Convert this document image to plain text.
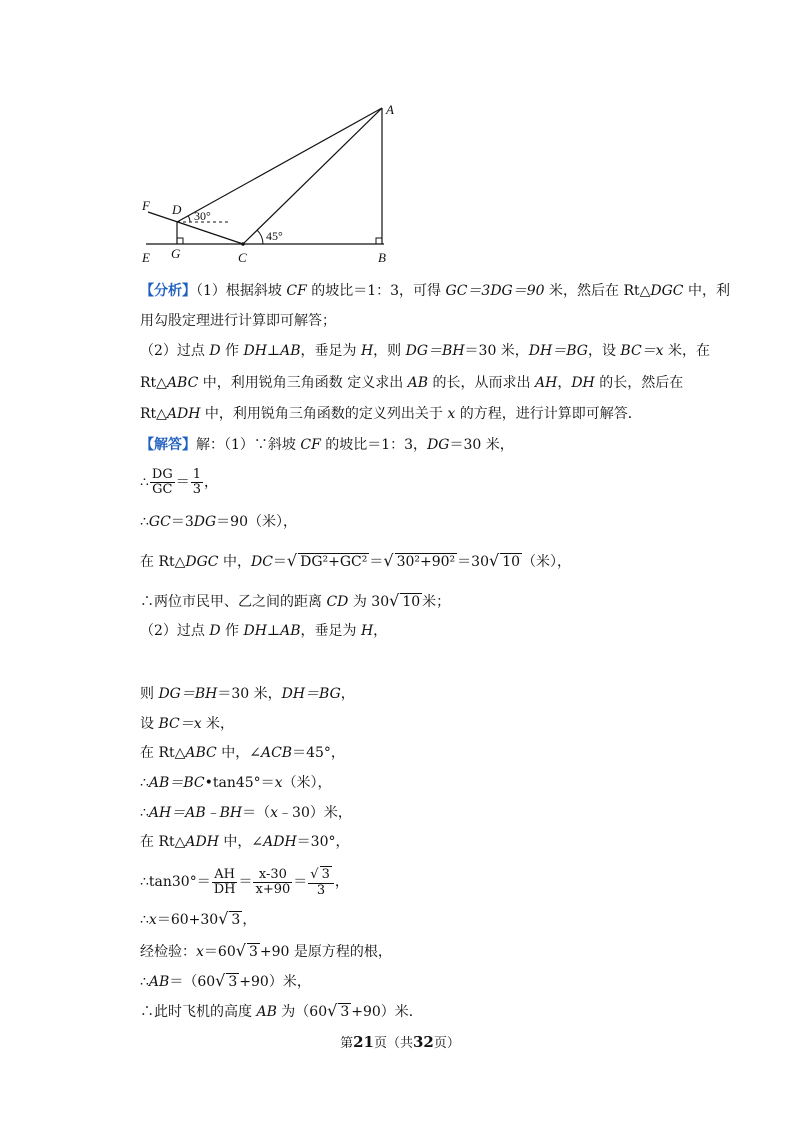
A
B
C
D
E
F
G
30°
45°
【分析】（1）根据斜坡 CF 的坡比＝1：3，可得 GC＝3DG＝90 米，然后在 Rt△DGC 中，利
用勾股定理进行计算即可解答；
（2）过点 D 作 DH⊥AB，垂足为 H，则 DG＝BH＝30 米，DH＝BG，设 BC＝x 米，在
Rt△ABC 中，利用锐角三角函数 定义求出 AB 的长，从而求出 AH，DH 的长，然后在
Rt△ADH 中，利用锐角三角函数的定义列出关于 x 的方程，进行计算即可解答．
【解答】解：（1）∵斜坡 CF 的坡比＝1：3，DG＝30 米，
∴ $\frac{DG}{GC} = \frac{1}{3}$ ，
∴GC＝3DG＝90（米），
在 Rt△DGC 中，DC＝√ DG²+GC² ＝√ 30²+90² ＝30√ 10 （米），
∴两位市民甲、乙之间的距离 CD 为 30√ 10 米；
（2）过点 D 作 DH⊥AB，垂足为 H，
则 DG＝BH＝30 米，DH＝BG，
设 BC＝x 米，
在 Rt△ABC 中，∠ACB＝45°，
∴AB＝BC•tan45°＝x（米），
∴AH＝AB﹣BH＝（x﹣30）米，
在 Rt△ADH 中，∠ADH＝30°，
∴tan30°＝ $\frac{AH}{DH} = \frac{x-30}{x+90} = \frac{√ 3}{3}$ ，
∴x＝60+30√ 3 ，
经检验：x＝60√ 3 +90 是原方程的根，
∴AB＝（60√ 3 +90）米，
∴此时飞机的高度 AB 为（60√ 3 +90）米．
第21页（共32页）
